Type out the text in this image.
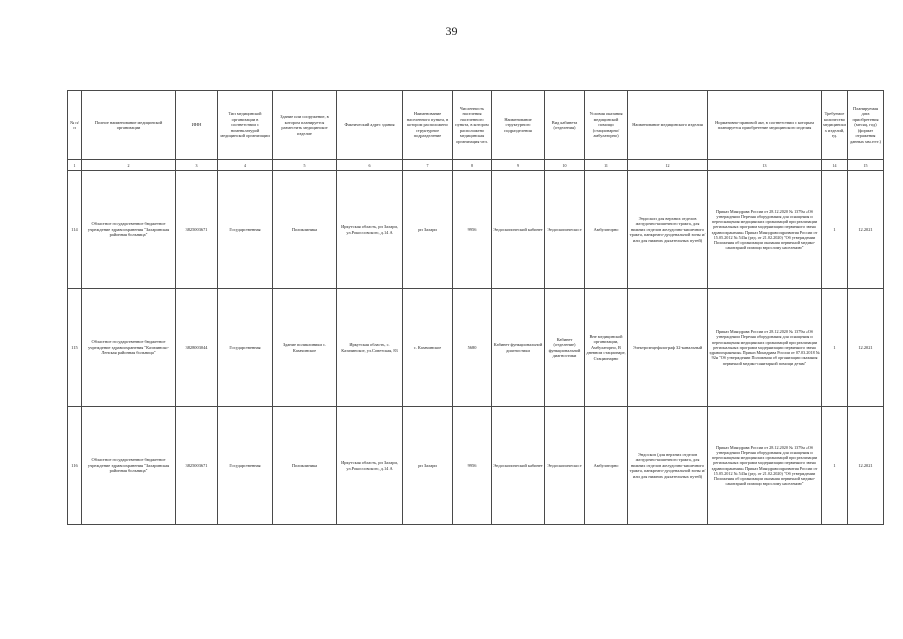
39
№ п/п	Полное наименование медицинской организации	ИНН	Тип медицинской организации в соответствии с номенклатурой медицинской организации	Здание или сооружение, в котором планируется разместить медицинское изделие	Фактический адрес здания	Наименование населенного пункта, в котором расположено структурное подразделение	Численность населения населенного пункта, в котором расположено медицинская организация чел.	Наименование структурного подразделения	Вид кабинета (отделения)	Условия оказания медицинской помощи (стационарно/амбулаторно)	Наименование медицинского изделия	Нормативно-правовой акт, в соответствии с которым планируется приобретение медицинского изделия	Требуемое количество медицинских изделий, ед.	Планируемая дата приобретения (месяц, год) (формат отражения данных мм.гггг.)
1	2	3	4	5	6	7	8	9	10	11	12	13	14	15
114	Областное государственное бюджетное учреждение здравоохранения "Заларинская районная больница"	3825003671	Государственная	Поликлиника	Иркутская область, рп Залари, ул.Рокоссовского, д.14 А	рп Залари	9956	Эндоскопический кабинет	Эндоскопически е	Амбулаторно	Эндоскоп для верхних отделов желудочно-кишечного тракта, для нижних отделов желудочно-кишечного тракта, панкреато-дуоденальной зоны и/или для нижних дыхательных путей)	Приказ Минздрава России от 28.12.2020 № 1379н «Об утверждении Перечня оборудования для оснащения и переоснащения медицинских организаций при реализации региональных программ модернизации первичного звена здравоохранения» Приказ Минздравсоцразвития России от 15.05.2012 № 543н (ред. от 21.02.2020) "Об утверждении Положения об организации оказания первичной медико-санитарной помощи взрослому населению"	1	12.2021
115	Областное государственное бюджетное учреждение здравоохранения "Казачинско-Ленская районная больница"	3828003044	Государственная	Здание поликлиники с. Казачинское	Иркутская область, с. Казачинское, ул.Советская, 83	с. Казачинское	5680	Кабинет функциональной диагностики	Кабинет (отделение) функциональной диагностики	Вне медицинской организации, Амбулаторно, В дневном стационаре, Стационарно	Электроэнцефалограф 32-канальный	Приказ Минздрава России от 28.12.2020 № 1379н «Об утверждении Перечня оборудования для оснащения и переоснащения медицинских организаций при реализации региональных программ модернизации первичного звена здравоохранения» Приказ Минздрава России от 07.03.2018 № 92н "Об утверждении Положения об организации оказания первичной медико-санитарной помощи детям"	1	12.2021
116	Областное государственное бюджетное учреждение здравоохранения "Заларинская районная больница"	3825003671	Государственная	Поликлиника	Иркутская область, рп Залари, ул.Рокоссовского, д.14 А	рп Залари	9956	Эндоскопический кабинет	Эндоскопически е	Амбулаторно	Эндоскоп (для верхних отделов желудочно-кишечного тракта, для нижних отделов желудочно-кишечного тракта, панкреато-дуоденальной зоны и/или для нижних дыхательных путей)	Приказ Минздрава России от 28.12.2020 № 1379н «Об утверждении Перечня оборудования для оснащения и переоснащения медицинских организаций при реализации региональных программ модернизации первичного звена здравоохранения» Приказ Минздравсоцразвития России от 15.05.2012 № 543н (ред. от 21.02.2020) "Об утверждении Положения об организации оказания первичной медико-санитарной помощи взрослому населению"	1	12.2021
